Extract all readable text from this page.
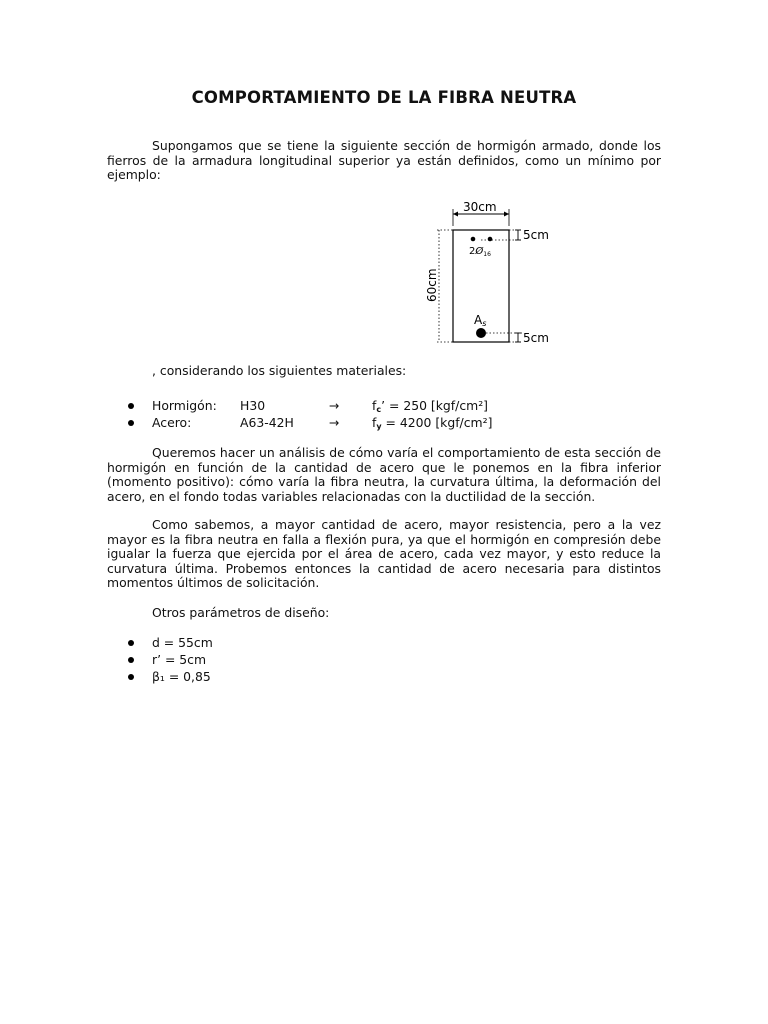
COMPORTAMIENTO DE LA FIBRA NEUTRA

Supongamos que se tiene la siguiente sección de hormigón armado, donde los fierros de la armadura longitudinal superior ya están definidos, como un mínimo por ejemplo:

30cm
60cm
5cm
$2Ø_{16}$
As
5cm

, considerando los siguientes materiales:

Hormigón: H30	→	$f_c$’ = 250 [kgf/cm²]
Acero:	A63-42H	→	$f_y = 4200$ [kgf/cm²]

Queremos hacer un análisis de cómo varía el comportamiento de esta sección de hormigón en función de la cantidad de acero que le ponemos en la fibra inferior (momento positivo): cómo varía la fibra neutra, la curvatura última, la deformación del acero, en el fondo todas variables relacionadas con la ductilidad de la sección.

Como sabemos, a mayor cantidad de acero, mayor resistencia, pero a la vez mayor es la fibra neutra en falla a flexión pura, ya que el hormigón en compresión debe igualar la fuerza que ejercida por el área de acero, cada vez mayor, y esto reduce la curvatura última. Probemos entonces la cantidad de acero necesaria para distintos momentos últimos de solicitación.

Otros parámetros de diseño:

d = 55cm
r’ = 5cm
β₁ = 0,85
